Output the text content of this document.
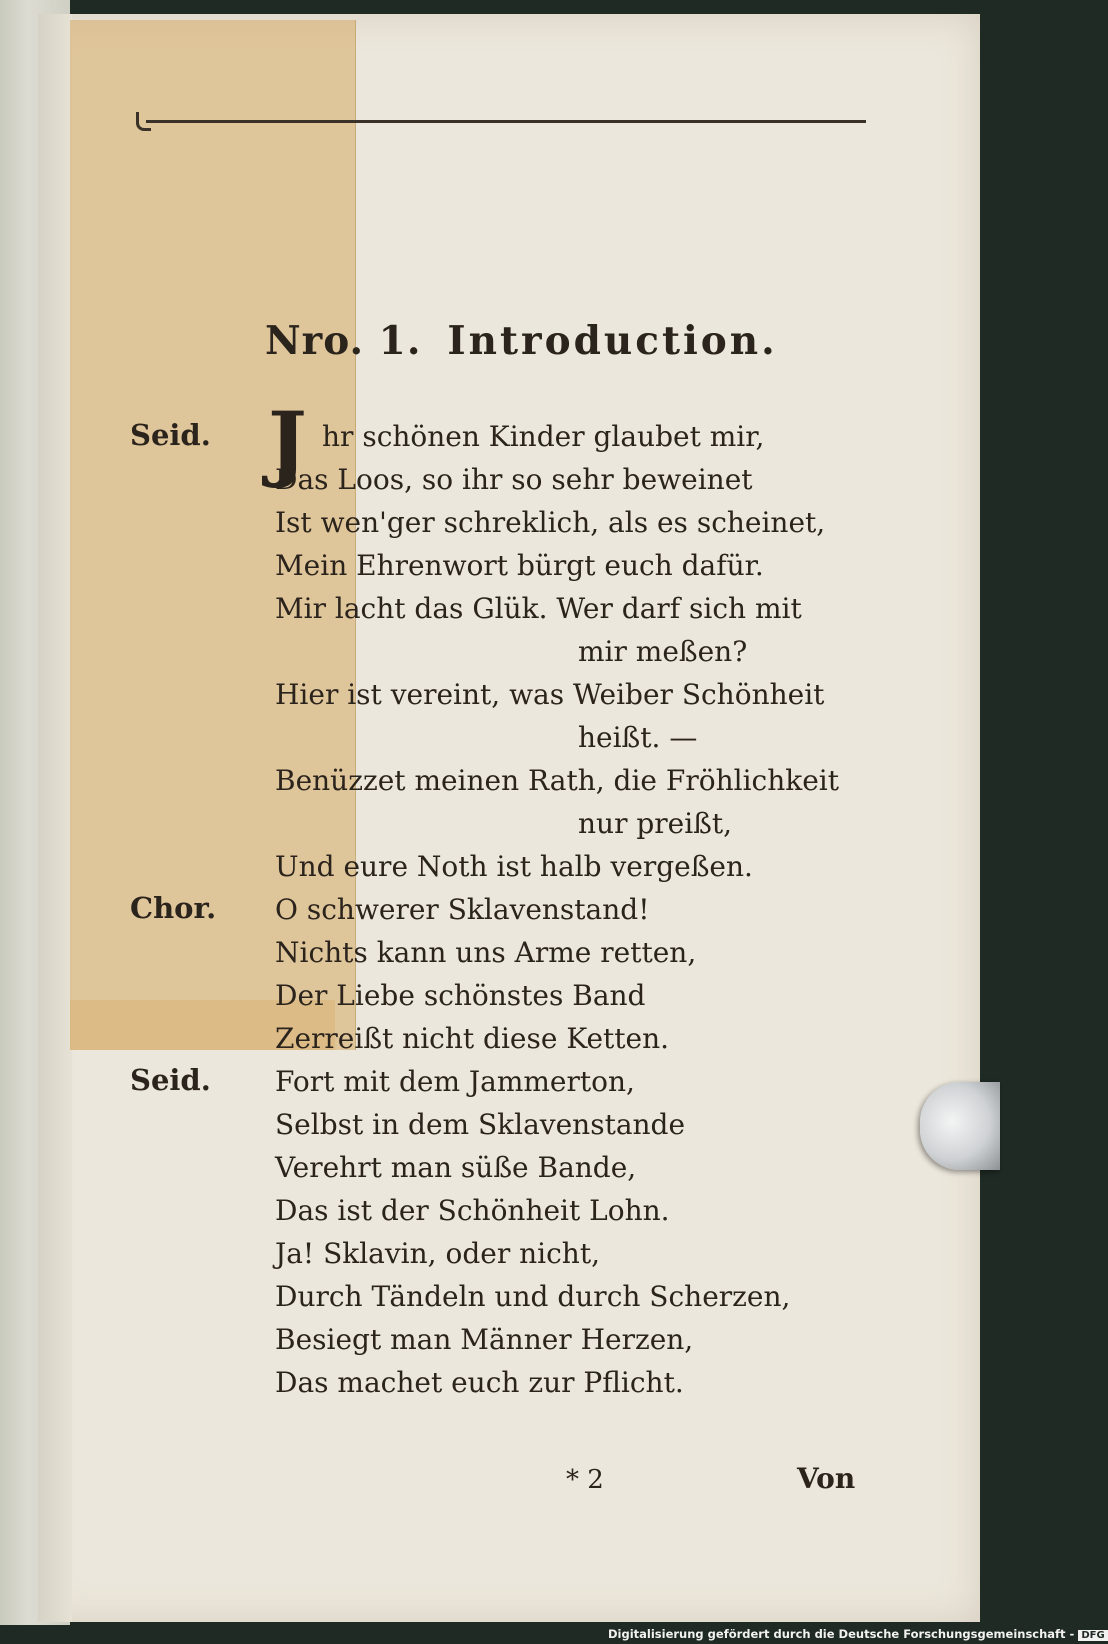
Nro. 1. Introduction.
Seid. J hr schönen Kinder glaubet mir,
Das Loos, so ihr so sehr beweinet
Ist wen'ger schreklich, als es scheinet,
Mein Ehrenwort bürgt euch dafür.
Mir lacht das Glük. Wer darf sich mit
mir meßen?
Hier ist vereint, was Weiber Schönheit
heißt. —
Benüzzet meinen Rath, die Fröhlichkeit
nur preißt,
Und eure Noth ist halb vergeßen.
Chor. O schwerer Sklavenstand!
Nichts kann uns Arme retten,
Der Liebe schönstes Band
Zerreißt nicht diese Ketten.
Seid. Fort mit dem Jammerton,
Selbst in dem Sklavenstande
Verehrt man süße Bande,
Das ist der Schönheit Lohn.
Ja! Sklavin, oder nicht,
Durch Tändeln und durch Scherzen,
Besiegt man Männer Herzen,
Das machet euch zur Pflicht.
* 2	Von
Digitalisierung gefördert durch die Deutsche Forschungsgemeinschaft - DFG
